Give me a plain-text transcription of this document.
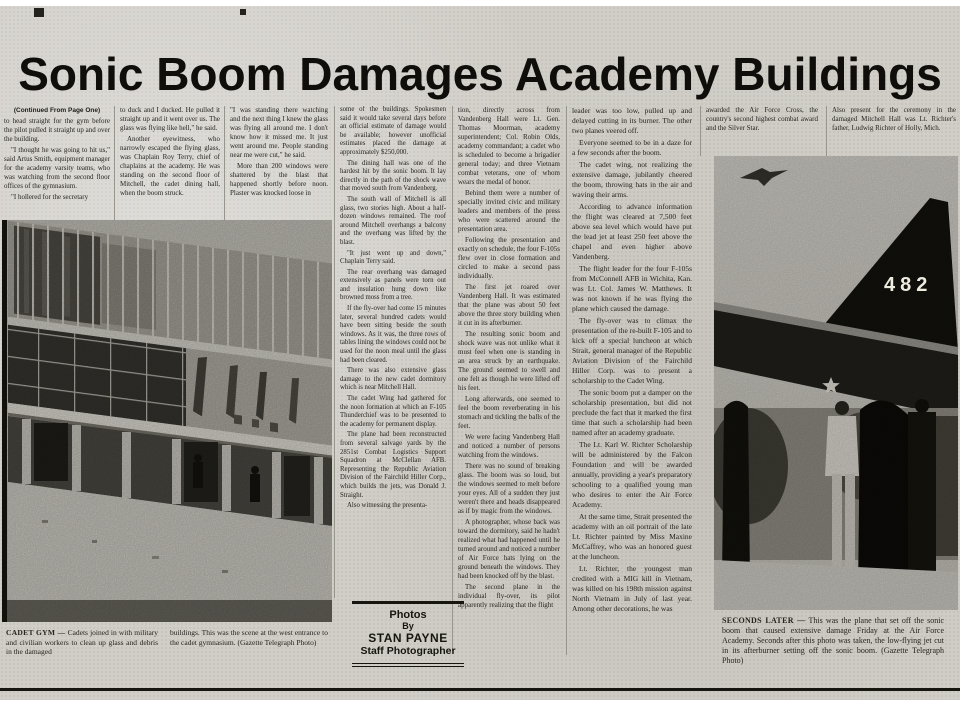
Sonic Boom Damages Academy Buildings
(Continued From Page One)

to head straight for the gym before the pilot pulled it straight up and over the building.

"I thought he was going to hit us," said Artus Smith, equipment manager for the academy varsity teams, who was watching from the second floor offices of the gymnasium.

"I hollered for the secretary

to duck and I ducked. He pulled it straight up and it went over us. The glass was flying like hell," he said.

Another eyewitness, who narrowly escaped the flying glass, was Chaplain Roy Terry, chief of chaplains at the academy. He was standing on the second floor of Mitchell, the cadet dining hall, when the boom struck.

"I was standing there watching and the next thing I knew the glass was flying all around me. I don't know how it missed me. It just went around me. People standing near me were cut," he said.

More than 200 windows were shattered by the blast that happened shortly before noon. Plaster was knocked loose in

some of the buildings. Spokesmen said it would take several days before an official estimate of damage would be available; however unofficial estimates placed the damage at approximately $250,000.

The dining hall was one of the hardest hit by the sonic boom. It lay directly in the path of the shock wave that moved south from Vandenberg.

The south wall of Mitchell is all glass, two stories high. About a half-dozen windows remained. The roof around Mitchell overhangs a balcony and the overhang was lifted by the blast.

"It just went up and down," Chaplain Terry said.

The rear overhang was damaged extensively as panels were torn out and insulation hung down like browned moss from a tree.

If the fly-over had come 15 minutes later, several hundred cadets would have been sitting beside the south windows. As it was, the three rows of tables lining the windows could not be used for the noon meal until the glass had been cleared.

There was also extensive glass damage to the new cadet dormitory which is near Mitchell Hall.

The cadet Wing had gathered for the noon formation at which an F-105 Thunderchief was to be presented to the academy for permanent display.

The plane had been reconstructed from several salvage yards by the 2851st Combat Logistics Support Squadron at McClellan AFB. Representing the Republic Aviation Division of the Fairchild Hiller Corp., which builds the jets, was Donald J. Straight.

Also witnessing the presenta-

tion, directly across from Vandenberg Hall were Lt. Gen. Thomas Moorman, academy superintendent; Col. Robin Olds, academy commandant; a cadet who is scheduled to become a brigadier general today; and three Vietnam combat veterans, one of whom wears the medal of honor.

Behind them were a number of specially invited civic and military leaders and members of the press who were scattered around the presentation area.

Following the presentation and exactly on schedule, the four F-105s flew over in close formation and circled to make a second pass individually.

The first jet roared over Vandenberg Hall. It was estimated that the plane was about 50 feet above the three story building when it cut in its afterburner.

The resulting sonic boom and shock wave was not unlike what it must feel when one is standing in an area struck by an earthquake. The ground seemed to swell and one felt as though he were lifted off his feet.

Long afterwards, one seemed to feel the boom reverberating in his stomach and tickling the balls of the feet.

We were facing Vandenberg Hall and noticed a number of persons watching from the windows.

There was no sound of breaking glass. The boom was so loud, but the windows seemed to melt before your eyes. All of a sudden they just weren't there and heads disappeared as if by magic from the windows.

A photographer, whose back was toward the dormitory, said he hadn't realized what had happened until he turned around and noticed a number of Air Force hats lying on the ground beneath the windows. They had been knocked off by the blast.

The second plane in the individual fly-over, its pilot apparently realizing that the flight

leader was too low, pulled up and delayed cutting in its burner. The other two planes veered off.

Everyone seemed to be in a daze for a few seconds after the boom.

The cadet wing, not realizing the extensive damage, jubilantly cheered the boom, throwing hats in the air and waving their arms.

According to advance information the flight was cleared at 7,500 feet above sea level which would have put the lead jet at least 250 feet above the chapel and even higher above Vandenberg.

The flight leader for the four F-105s from McConnell AFB in Wichita, Kan. was Lt. Col. James W. Matthews. It was not known if he was flying the plane which caused the damage.

The fly-over was to climax the presentation of the re-built F-105 and to kick off a special luncheon at which Strait, general manager of the Republic Aviation Division of the Fairchild Hiller Corp. was to present a scholarship to the Cadet Wing.

The sonic boom put a damper on the scholarship presentation, but did not preclude the fact that it marked the first time that such a scholarship had been named after an academy graduate.

The Lt. Karl W. Richter Scholarship will be administered by the Falcon Foundation and will be awarded annually, providing a year's preparatory schooling to a qualified young man who desires to enter the Air Force Academy.

At the same time, Strait presented the academy with an oil portrait of the late Lt. Richter painted by Miss Maxine McCaffrey, who was an honored guest at the luncheon.

Lt. Richter, the youngest man credited with a MIG kill in Vietnam, was killed on his 198th mission against North Vietnam in July of last year. Among other decorations, he was

awarded the Air Force Cross, the country's second highest combat award and the Silver Star.

Also present for the ceremony in the damaged Mitchell Hall was Lt. Richter's father, Ludwig Richter of Holly, Mich.

482
Photos
By
STAN PAYNE
Staff Photographer
CADET GYM — Cadets joined in with military and civilian workers to clean up glass and debris in the damaged
buildings. This was the scene at the west entrance to the cadet gymnasium. (Gazette Telegraph Photo)
SECONDS LATER — This was the plane that set off the sonic boom that caused extensive damage Friday at the Air Force Academy. Seconds after this photo was taken, the low-flying jet cut in its afterburner setting off the sonic boom. (Gazette Telegraph Photo)
